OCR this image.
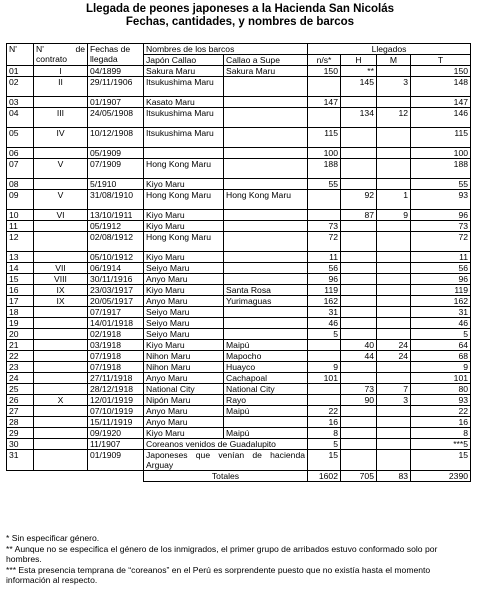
Llegada de peones japoneses a la Hacienda San Nicolás
Fechas, cantidades, y nombres de barcos
N'	N' de contrato	Fechas de llegada	Nombres de los barcos		Llegados			
			Japón Callao	Callao a Supe	n/s*	H	M	T
01	I	04/1899	Sakura Maru	Sakura Maru	150	**		150
02	II	29/11/1906	Itsukushima Maru			145	3	148
03		01/1907	Kasato Maru		147			147
04	III	24/05/1908	Itsukushima Maru			134	12	146
05	IV	10/12/1908	Itsukushima Maru		115			115
06		05/1909			100			100
07	V	07/1909	Hong Kong Maru		188			188
08		5/1910	Kiyo Maru		55			55
09	V	31/08/1910	Hong Kong Maru	Hong Kong Maru		92	1	93
10	VI	13/10/1911	Kiyo Maru			87	9	96
11		05/1912	Kiyo Maru		73			73
12		02/08/1912	Hong Kong Maru		72			72
13		05/10/1912	Kiyo Maru		11			11
14	VII	06/1914	Seiyo Maru		56			56
15	VIII	30/11/1916	Anyo Maru		96			96
16	IX	23/03/1917	Kiyo Maru	Santa Rosa	119			119
17	IX	20/05/1917	Anyo Maru	Yurimaguas	162			162
18		07/1917	Seiyo Maru		31			31
19		14/01/1918	Seiyo Maru		46			46
20		02/1918	Seiyo Maru		5			5
21		03/1918	Kiyo Maru	Maipú		40	24	64
22		07/1918	Nihon Maru	Mapocho		44	24	68
23		07/1918	Nihon Maru	Huayco	9			9
24		27/11/1918	Anyo Maru	Cachapoal	101			101
25		28/12/1918	National City	National City		73	7	80
26	X	12/01/1919	Nipón Maru	Rayo		90	3	93
27		07/10/1919	Anyo Maru	Maipú	22			22
28		15/11/1919	Anyo Maru		16			16
29		09/1920	Kiyo Maru	Maipú	8			8
30		11/1907	Coreanos venidos de Guadalupito		5			***5
31		01/1909	Japoneses que venían de hacienda Arguay		15			15
			Totales		1602	705	83	2390
* Sin especificar género.
** Aunque no se especifica el género de los inmigrados, el primer grupo de arribados estuvo conformado solo por hombres.
*** Esta presencia temprana de “coreanos” en el Perú es sorprendente puesto que no existía hasta el momento información al respecto.
